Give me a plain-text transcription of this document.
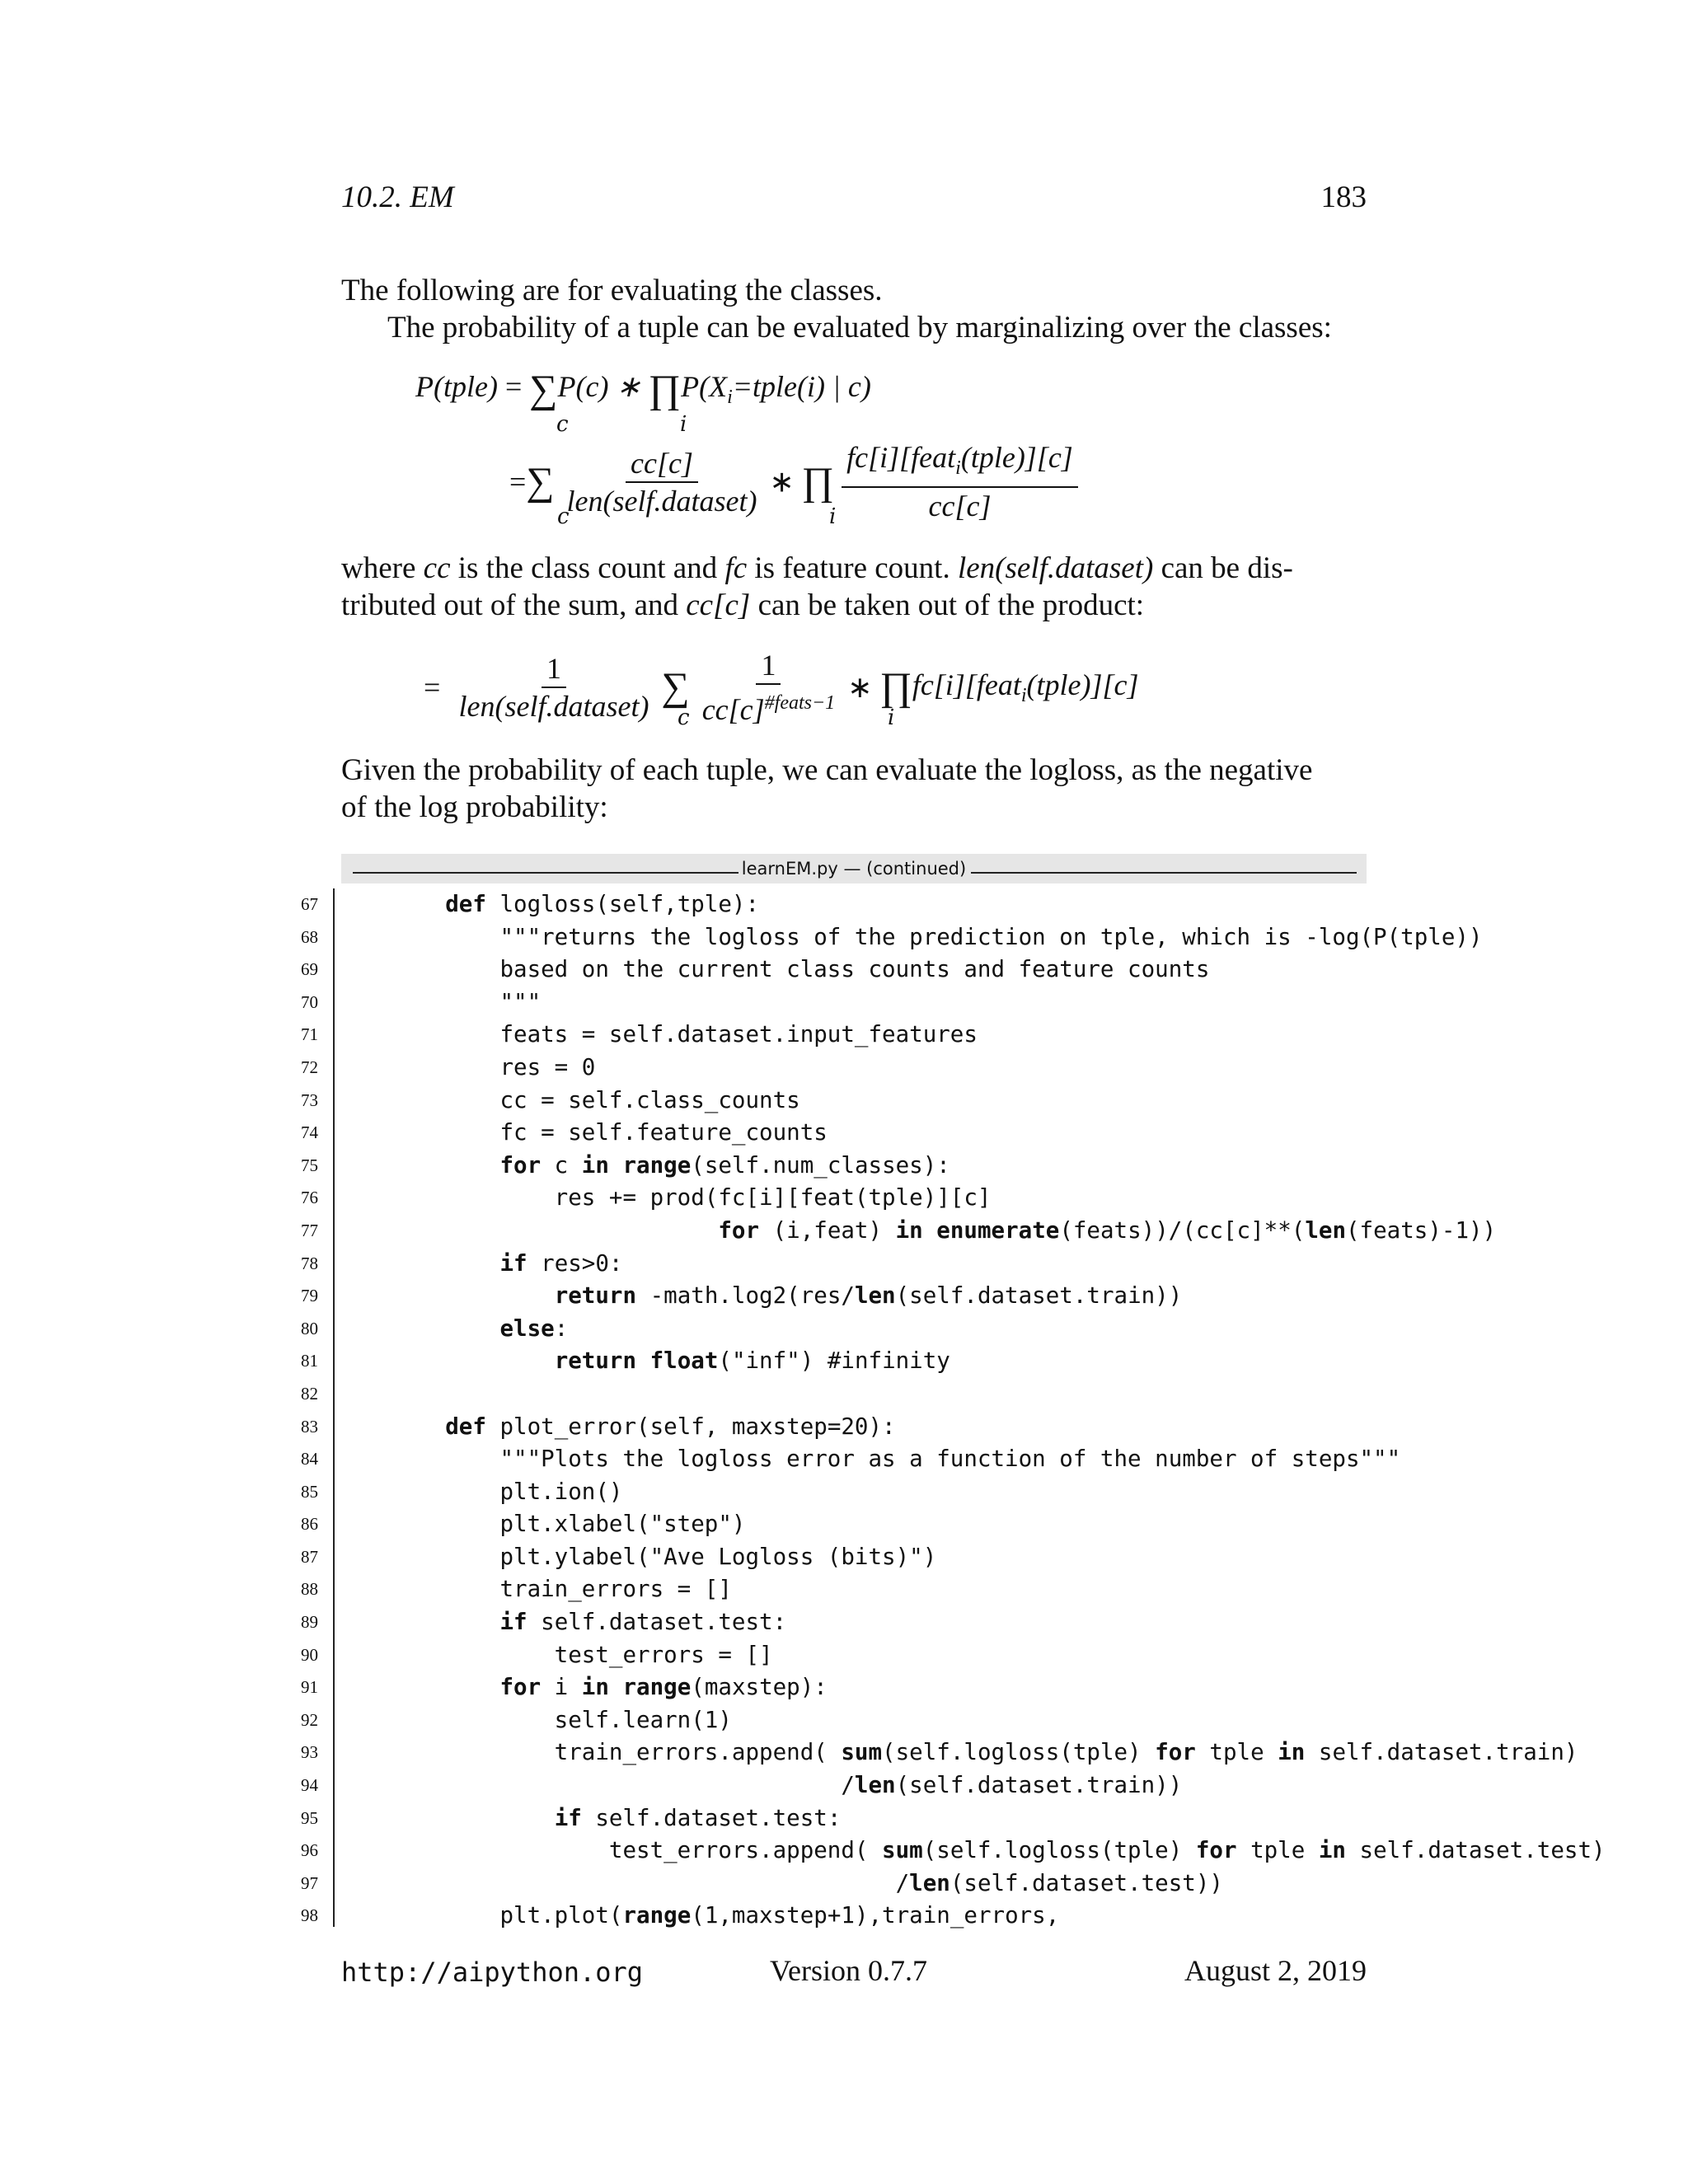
10.2. EM	183

The following are for evaluating the classes.

The probability of a tuple can be evaluated by marginalizing over the classes:

P(tple) = ∑P(c) ∗ $\prod P(X_i=tple(i)$ | c)
c	i
=∑ $\frac{cc[c]}{\text{len(self.dataset)}}$ ∗ ∏ $\frac{fc[i][feat_i(tple)][c]}{cc[c]}$
c	i

where cc is the class count and fc is feature count. len(self.dataset) can be dis-

tributed out of the sum, and cc[c] can be taken out of the product:

=  $\frac{1}{\text{len(self.dataset)}}$ ∑ $\frac{1}{cc[c]^{\#feats-1}}$ ∗ ∏fc[i][feat$_i$(tple)][c]
c	i

Given the probability of each tuple, we can evaluate the logloss, as the negative

of the log probability:

learnEM.py — (continued)
67	def logloss(self,tple):
68	"""returns the logloss of the prediction on tple, which is -log(P(tple))
69	based on the current class counts and feature counts
70	"""
71	feats = self.dataset.input_features
72	res = 0
73	cc = self.class_counts
74	fc = self.feature_counts
75	for c in range(self.num_classes):
76	res += prod(fc[i][feat(tple)][c]
77	for (i,feat) in enumerate(feats))/(cc[c]**(len(feats)-1))
78	if res>0:
79	return -math.log2(res/len(self.dataset.train))
80	else:
81	return float("inf") #infinity
82
83	def plot_error(self, maxstep=20):
84	"""Plots the logloss error as a function of the number of steps"""
85	plt.ion()
86	plt.xlabel("step")
87	plt.ylabel("Ave Logloss (bits)")
88	train_errors = []
89	if self.dataset.test:
90	test_errors = []
91	for i in range(maxstep):
92	self.learn(1)
93	train_errors.append( sum(self.logloss(tple) for tple in self.dataset.train)
94	/len(self.dataset.train))
95	if self.dataset.test:
96	test_errors.append( sum(self.logloss(tple) for tple in self.dataset.test)
97	/len(self.dataset.test))
98	plt.plot(range(1,maxstep+1),train_errors,
http://aipython.org	Version 0.7.7	August 2, 2019
